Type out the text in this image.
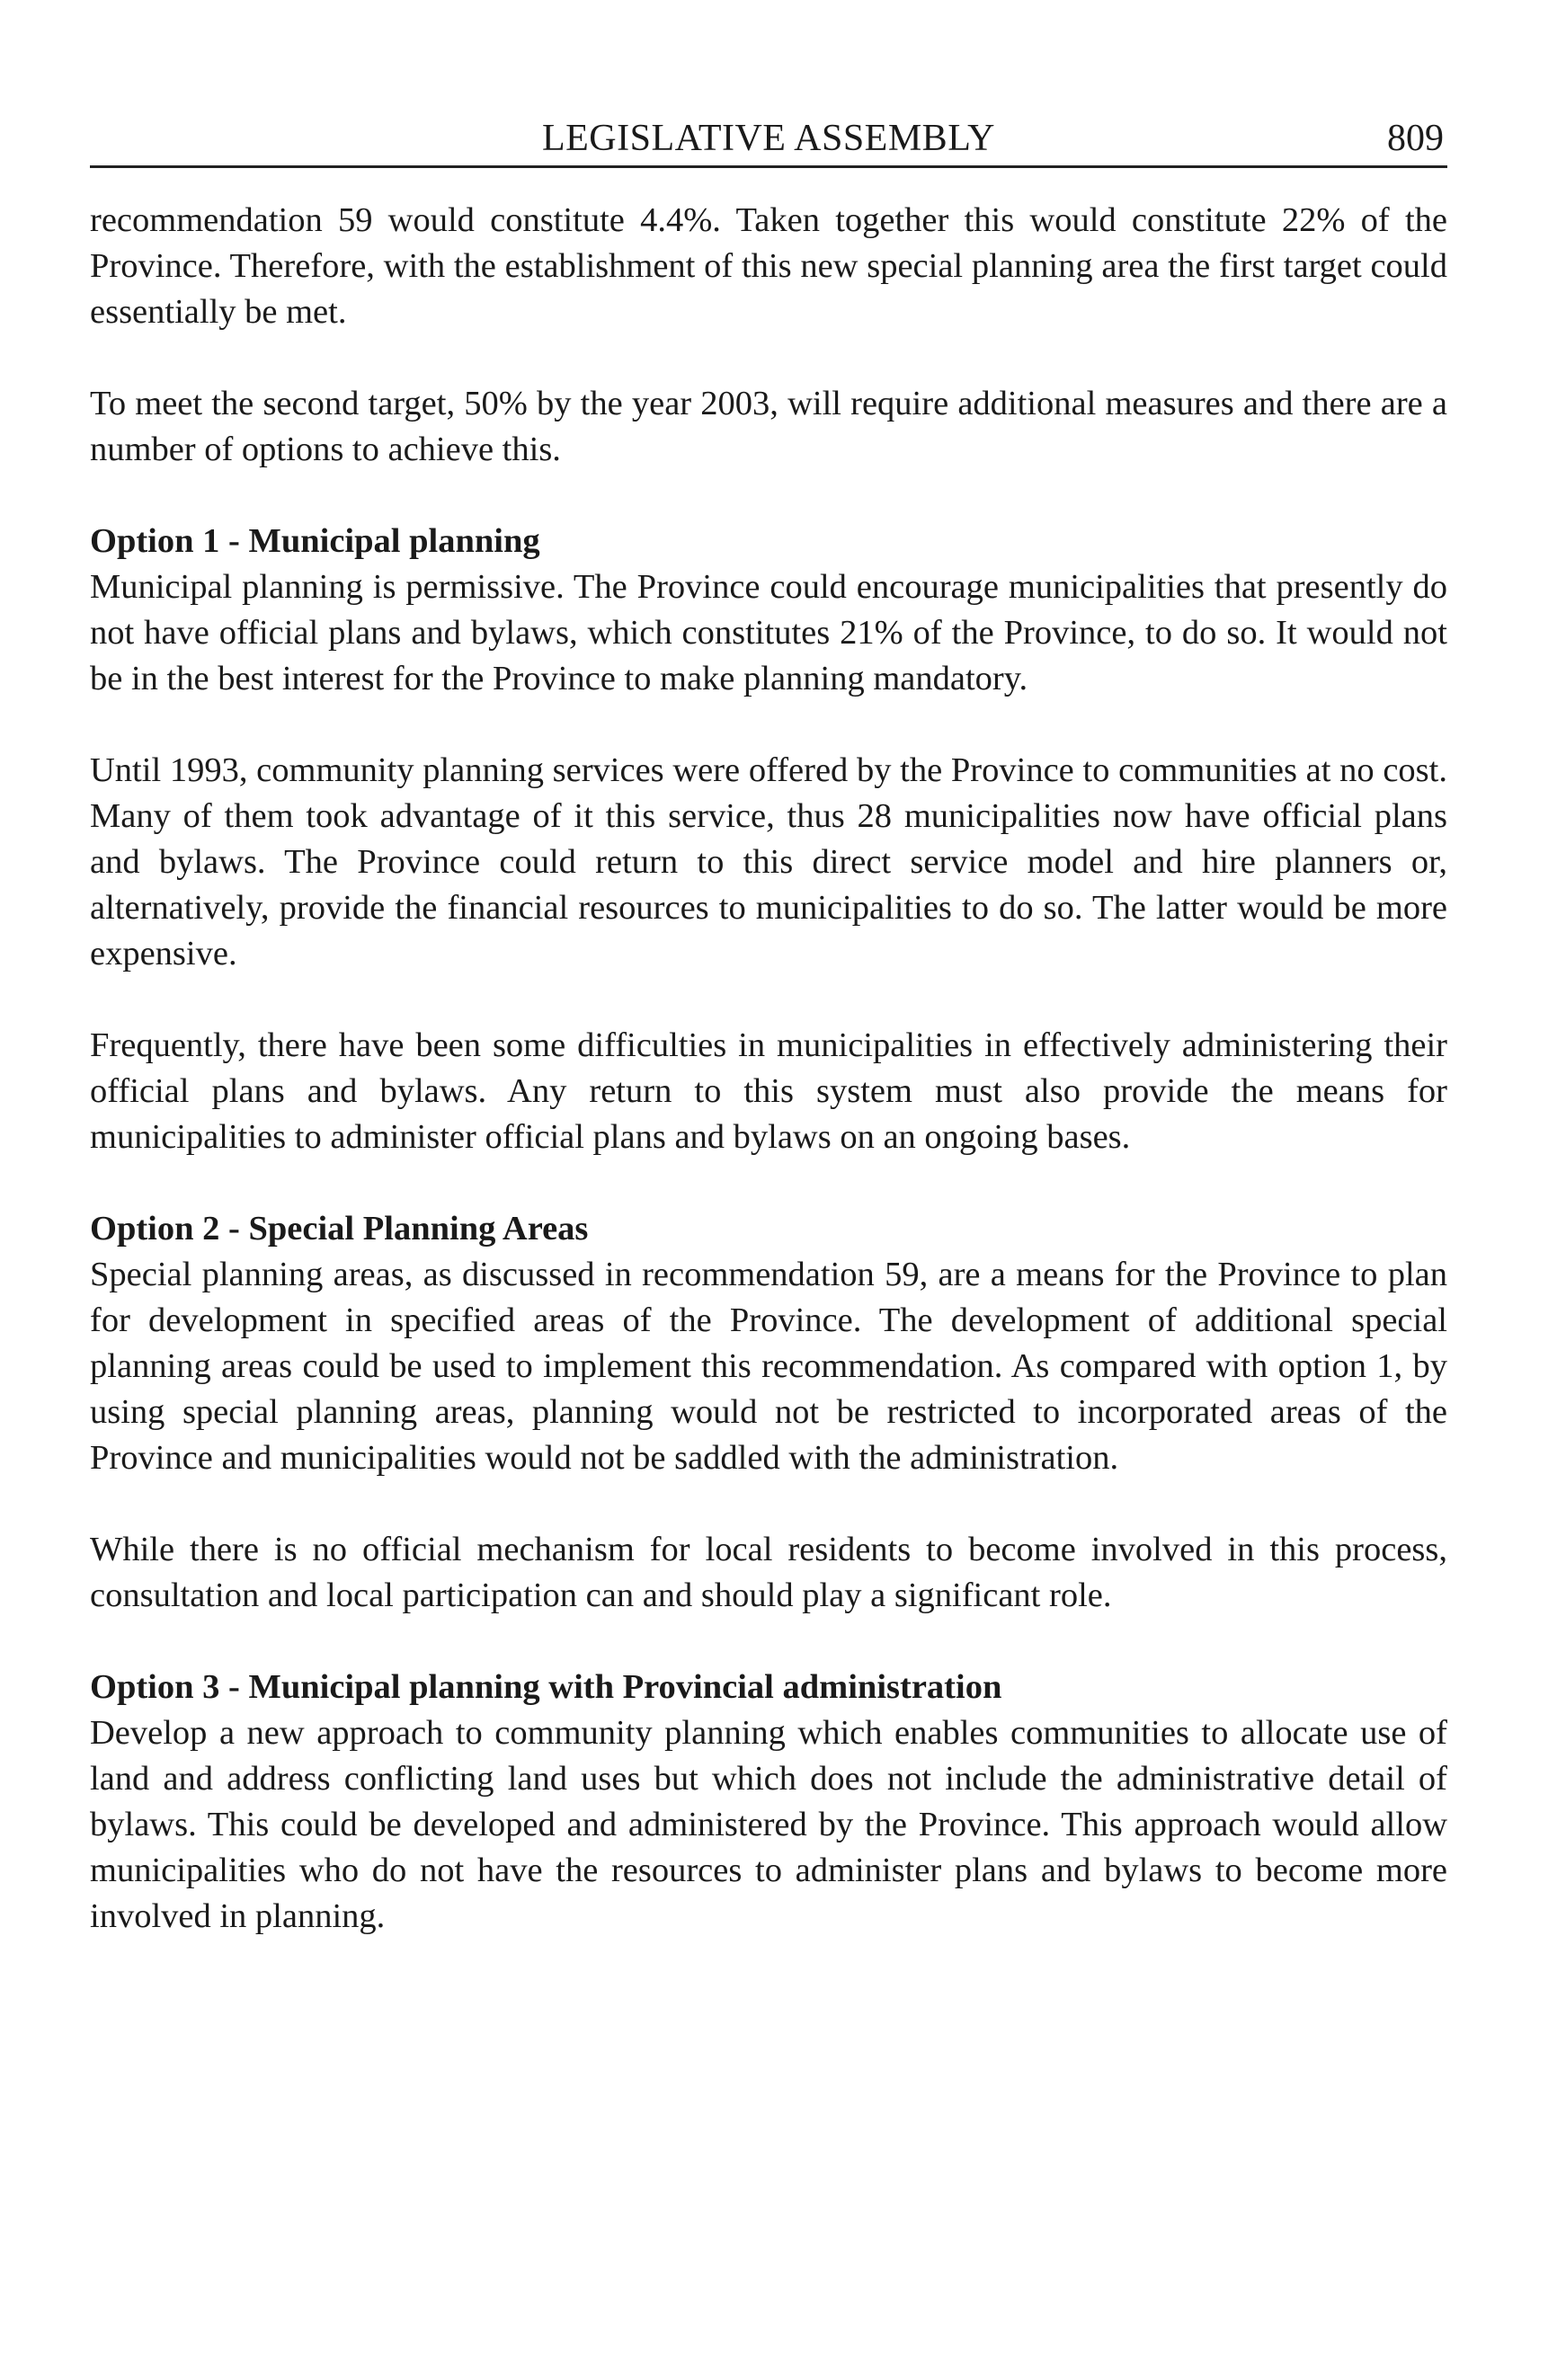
LEGISLATIVE ASSEMBLY	809

recommendation 59 would constitute 4.4%. Taken together this would constitute 22% of the Province. Therefore, with the establishment of this new special planning area the first target could essentially be met.

To meet the second target, 50% by the year 2003, will require additional measures and there are a number of options to achieve this.

Option 1 - Municipal planning

Municipal planning is permissive. The Province could encourage municipalities that presently do not have official plans and bylaws, which constitutes 21% of the Province, to do so. It would not be in the best interest for the Province to make planning mandatory.

Until 1993, community planning services were offered by the Province to communities at no cost. Many of them took advantage of it this service, thus 28 municipalities now have official plans and bylaws. The Province could return to this direct service model and hire planners or, alternatively, provide the financial resources to municipalities to do so. The latter would be more expensive.

Frequently, there have been some difficulties in municipalities in effectively administering their official plans and bylaws. Any return to this system must also provide the means for municipalities to administer official plans and bylaws on an ongoing bases.

Option 2 - Special Planning Areas

Special planning areas, as discussed in recommendation 59, are a means for the Province to plan for development in specified areas of the Province. The development of additional special planning areas could be used to implement this recommendation. As compared with option 1, by using special planning areas, planning would not be restricted to incorporated areas of the Province and municipalities would not be saddled with the administration.

While there is no official mechanism for local residents to become involved in this process, consultation and local participation can and should play a significant role.

Option 3 - Municipal planning with Provincial administration

Develop a new approach to community planning which enables communities to allocate use of land and address conflicting land uses but which does not include the administrative detail of bylaws. This could be developed and administered by the Province. This approach would allow municipalities who do not have the resources to administer plans and bylaws to become more involved in planning.
